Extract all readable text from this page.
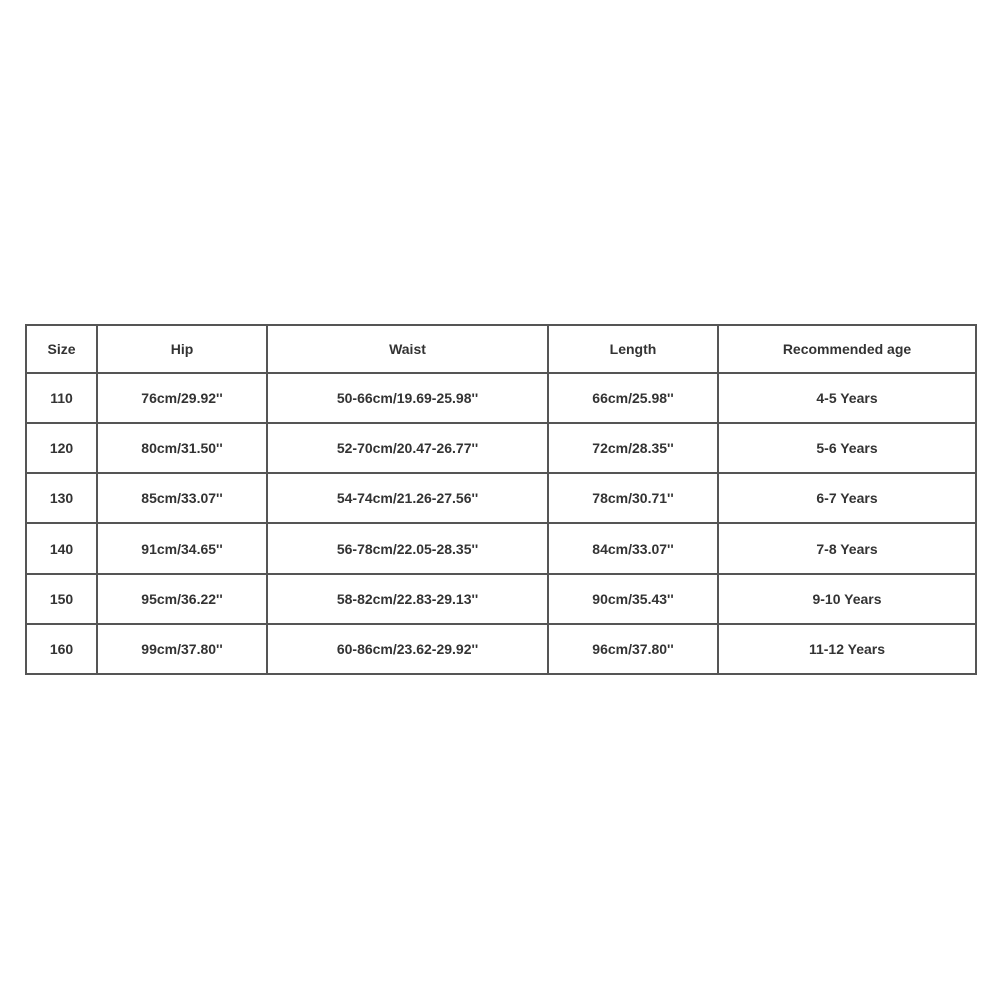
Size	Hip	Waist	Length	Recommended age
110	76cm/29.92''	50-66cm/19.69-25.98''	66cm/25.98''	4-5 Years
120	80cm/31.50''	52-70cm/20.47-26.77''	72cm/28.35''	5-6 Years
130	85cm/33.07''	54-74cm/21.26-27.56''	78cm/30.71''	6-7 Years
140	91cm/34.65''	56-78cm/22.05-28.35''	84cm/33.07''	7-8 Years
150	95cm/36.22''	58-82cm/22.83-29.13''	90cm/35.43''	9-10 Years
160	99cm/37.80''	60-86cm/23.62-29.92''	96cm/37.80''	11-12 Years
